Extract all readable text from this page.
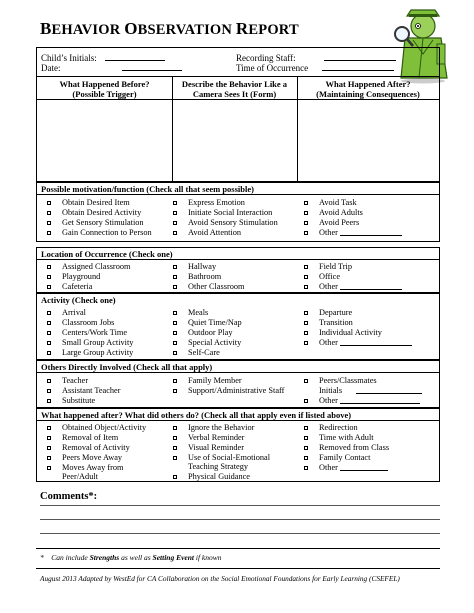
BEHAVIOR OBSERVATION REPORT
Child’s Initials:
Date:
Recording Staff:
Time of Occurrence
What Happened Before?
(Possible Trigger)
Describe the Behavior Like a
Camera Sees It (Form)
What Happened After?
(Maintaining Consequences)
Possible motivation/function (Check all that seem possible)
Obtain Desired Item
Obtain Desired Activity
Get Sensory Stimulation
Gain Connection to Person
Express Emotion
Initiate Social Interaction
Avoid Sensory Stimulation
Avoid Attention
Avoid Task
Avoid Adults
Avoid Peers
Other
Location of Occurrence (Check one)
Assigned Classroom
Playground
Cafeteria
Hallway
Bathroom
Other Classroom
Field Trip
Office
Other
Activity (Check one)
Arrival
Classroom Jobs
Centers/Work Time
Small Group Activity
Large Group Activity
Meals
Quiet Time/Nap
Outdoor Play
Special Activity
Self-Care
Departure
Transition
Individual Activity
Other
Others Directly Involved (Check all that apply)
Teacher
Assistant Teacher
Substitute
Family Member
Support/Administrative Staff
Peers/Classmates
Initials
Other
What happened after? What did others do? (Check all that apply even if listed above)
Obtained Object/Activity
Removal of Item
Removal of Activity
Peers Move Away
Moves Away from
Peer/Adult
Ignore the Behavior
Verbal Reminder
Visual Reminder
Use of Social-Emotional
Teaching Strategy
Physical Guidance
Redirection
Time with Adult
Removed from Class
Family Contact
Other
Comments*:
* Can include Strengths as well as Setting Event if known
August 2013 Adapted by WestEd for CA Collaboration on the Social Emotional Foundations for Early Learning (CSEFEL)
